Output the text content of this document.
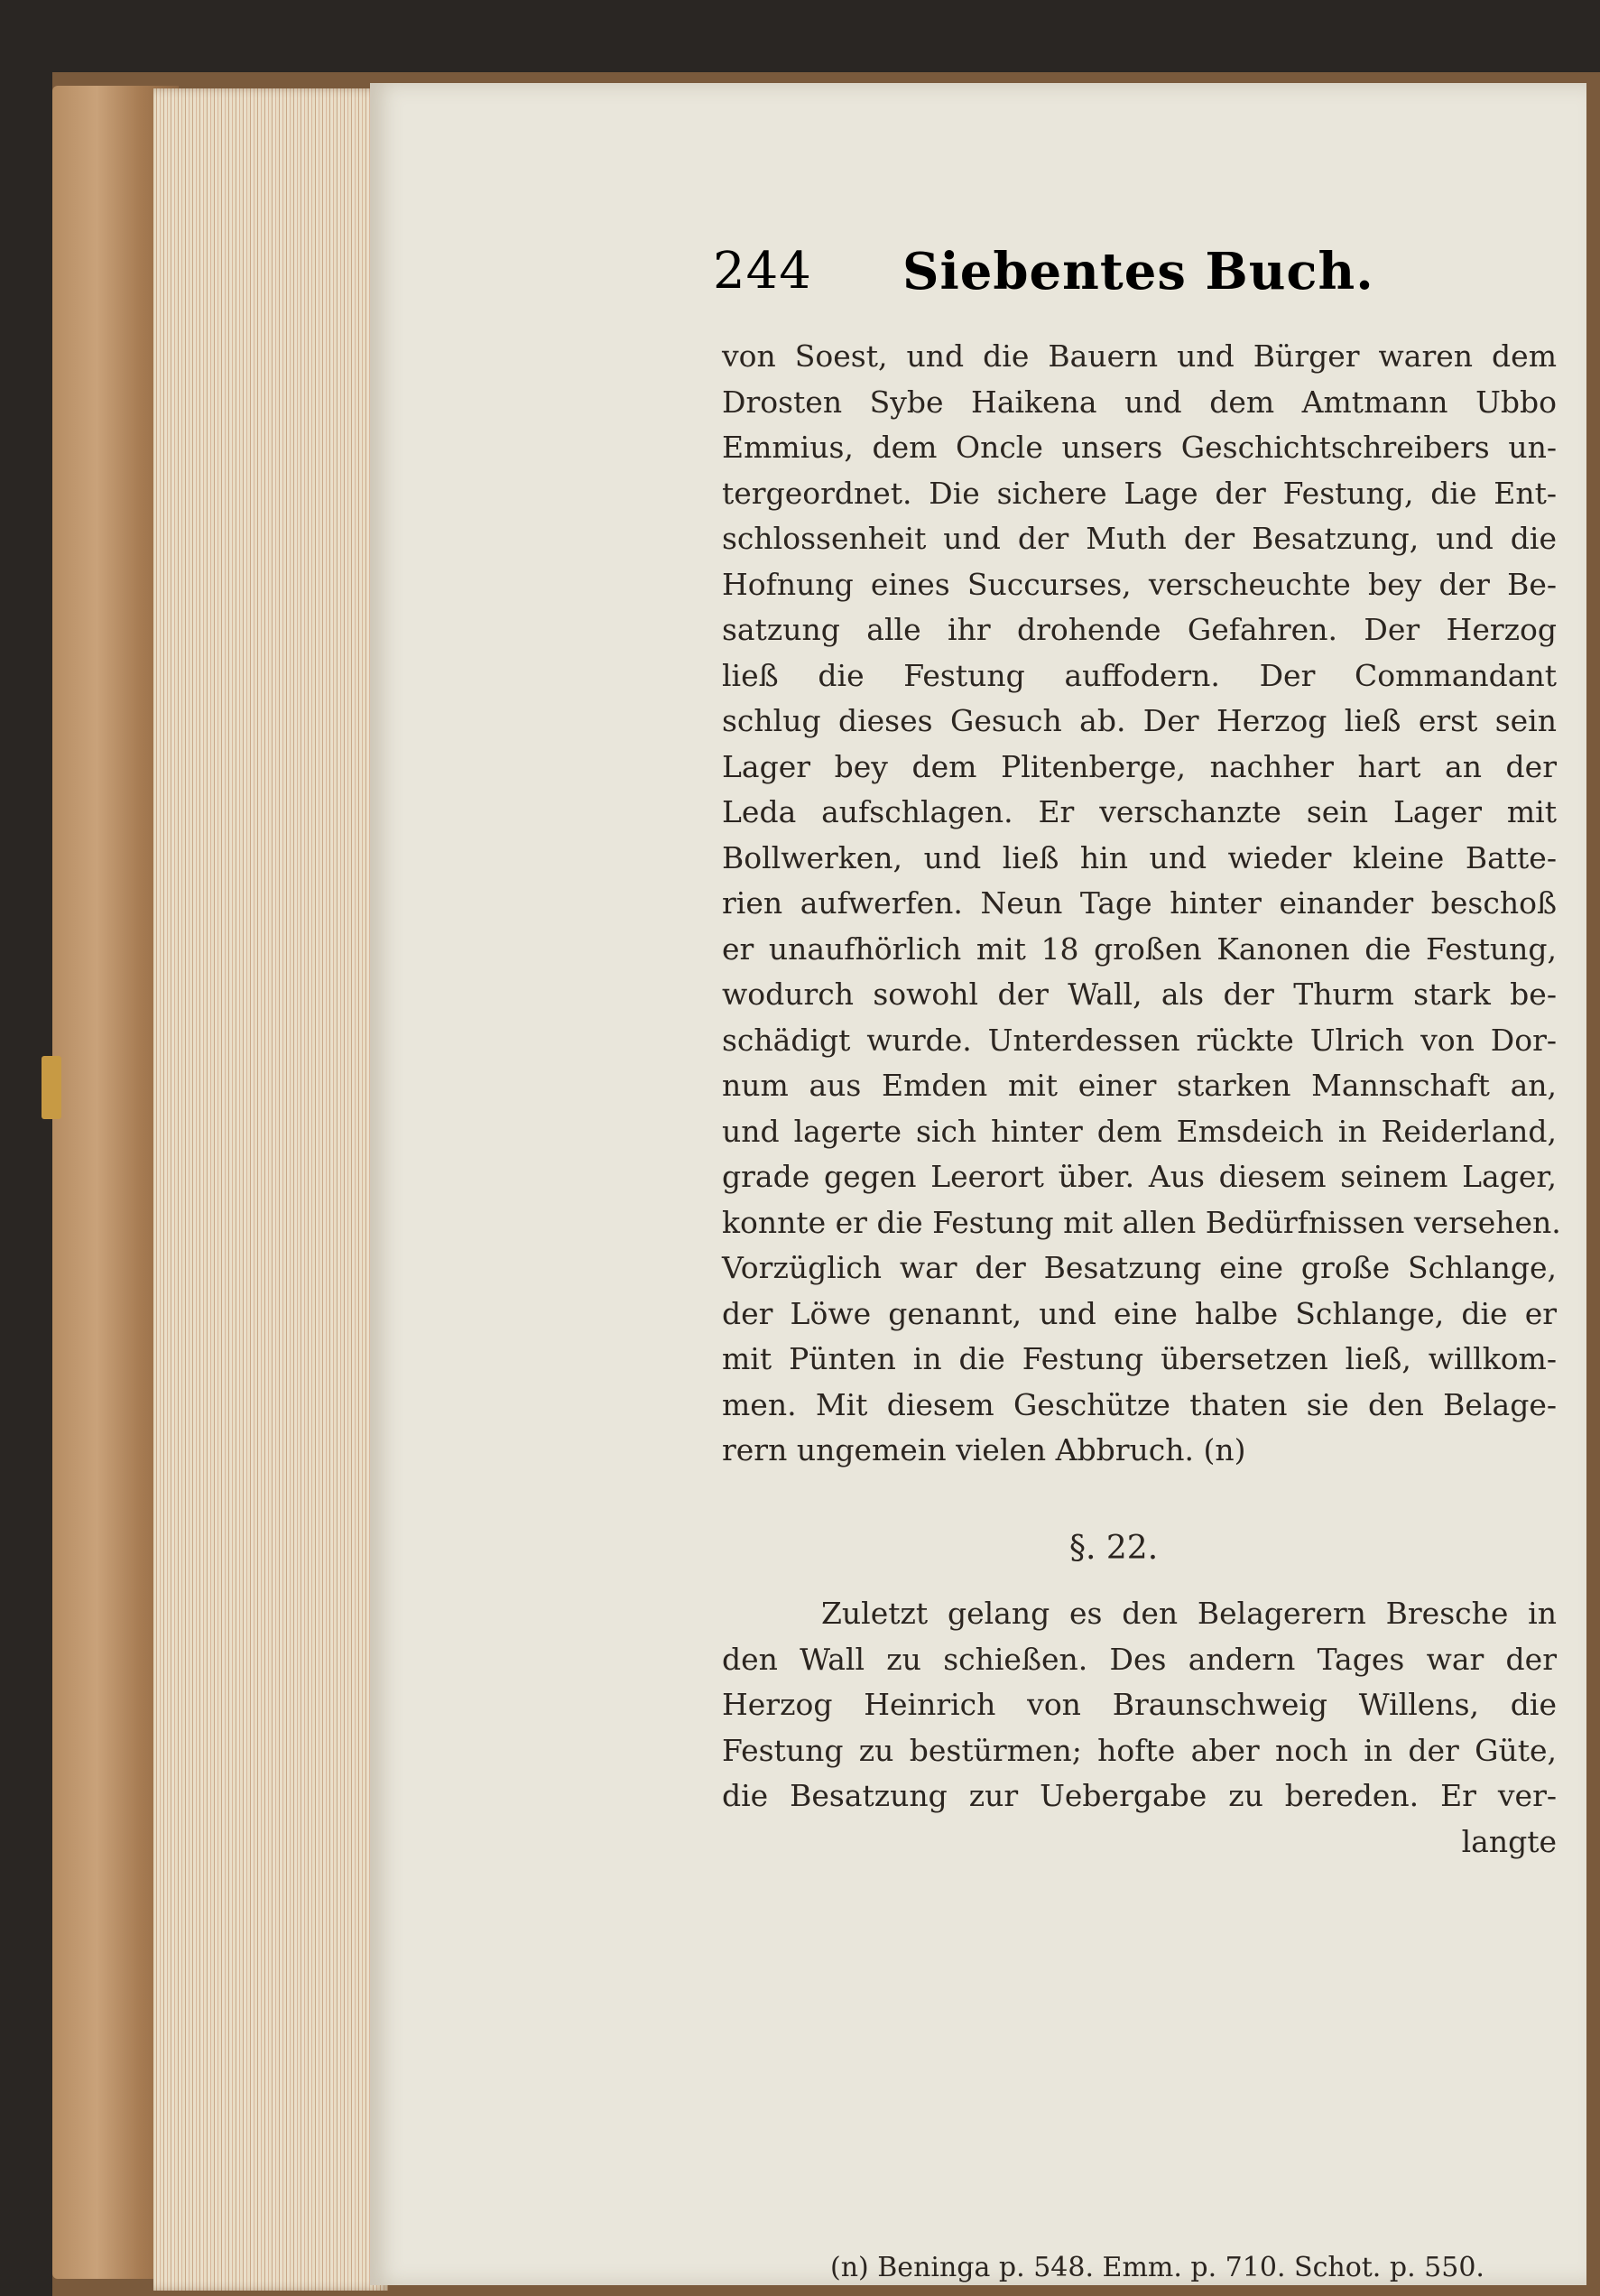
244 Siebentes Buch.
von Soest, und die Bauern und Bürger waren dem
Drosten Sybe Haikena und dem Amtmann Ubbo
Emmius, dem Oncle unsers Geschichtschreibers un-
tergeordnet. Die sichere Lage der Festung, die Ent-
schlossenheit und der Muth der Besatzung, und die
Hofnung eines Succurses, verscheuchte bey der Be-
satzung alle ihr drohende Gefahren. Der Herzog
ließ die Festung auffodern. Der Commandant
schlug dieses Gesuch ab. Der Herzog ließ erst sein
Lager bey dem Plitenberge, nachher hart an der
Leda aufschlagen. Er verschanzte sein Lager mit
Bollwerken, und ließ hin und wieder kleine Batte-
rien aufwerfen. Neun Tage hinter einander beschoß
er unaufhörlich mit 18 großen Kanonen die Festung,
wodurch sowohl der Wall, als der Thurm stark be-
schädigt wurde. Unterdessen rückte Ulrich von Dor-
num aus Emden mit einer starken Mannschaft an,
und lagerte sich hinter dem Emsdeich in Reiderland,
grade gegen Leerort über. Aus diesem seinem Lager,
konnte er die Festung mit allen Bedürfnissen versehen.
Vorzüglich war der Besatzung eine große Schlange,
der Löwe genannt, und eine halbe Schlange, die er
mit Pünten in die Festung übersetzen ließ, willkom-
men. Mit diesem Geschütze thaten sie den Belage-
rern ungemein vielen Abbruch. (n)
§. 22.
Zuletzt gelang es den Belagerern Bresche in
den Wall zu schießen. Des andern Tages war der
Herzog Heinrich von Braunschweig Willens, die
Festung zu bestürmen; hofte aber noch in der Güte,
die Besatzung zur Uebergabe zu bereden. Er ver-
langte
(n) Beninga p. 548. Emm. p. 710. Schot. p. 550.
